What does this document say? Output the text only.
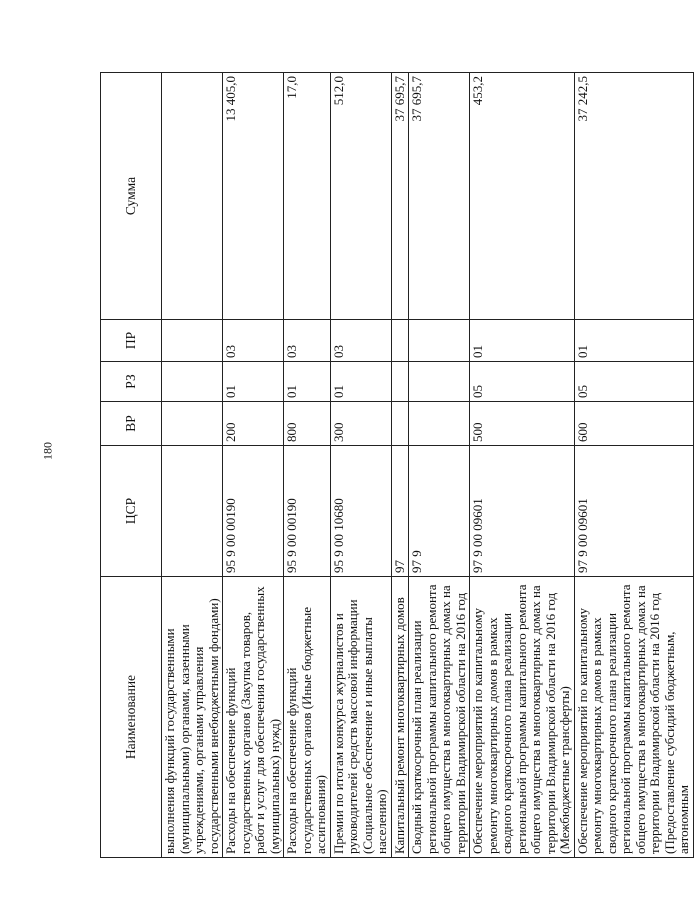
180
Наименование	ЦСР	ВР	РЗ	ПР	Сумма
выполнения функций государственными (муниципальными) органами, казенными учреждениями, органами управления государственными внебюджетными фондами)					
Расходы на обеспечение функций государственных органов (Закупка товаров, работ и услуг для обеспечения государственных (муниципальных) нужд)	95 9 00 00190	200	01	03	13 405,0
Расходы на обеспечение функций государственных органов (Иные бюджетные ассигнования)	95 9 00 00190	800	01	03	17,0
Премии по итогам конкурса журналистов и руководителей средств массовой информации (Социальное обеспечение и иные выплаты населению)	95 9 00 10680	300	01	03	512,0
Капитальный ремонт многоквартирных домов	97				37 695,7
Сводный краткосрочный план реализации региональной программы капитального ремонта общего имущества в многоквартирных домах на территории Владимирской области на 2016 год	97 9				37 695,7
Обеспечение мероприятий по капитальному ремонту многоквартирных домов в рамках сводного краткосрочного плана реализации региональной программы капитального ремонта общего имущества в многоквартирных домах на территории Владимирской области на 2016 год (Межбюджетные трансферты)	97 9 00 09601	500	05	01	453,2
Обеспечение мероприятий по капитальному ремонту многоквартирных домов в рамках сводного краткосрочного плана реализации региональной программы капитального ремонта общего имущества в многоквартирных домах на территории Владимирской области на 2016 год (Предоставление субсидий бюджетным, автономным	97 9 00 09601	600	05	01	37 242,5
